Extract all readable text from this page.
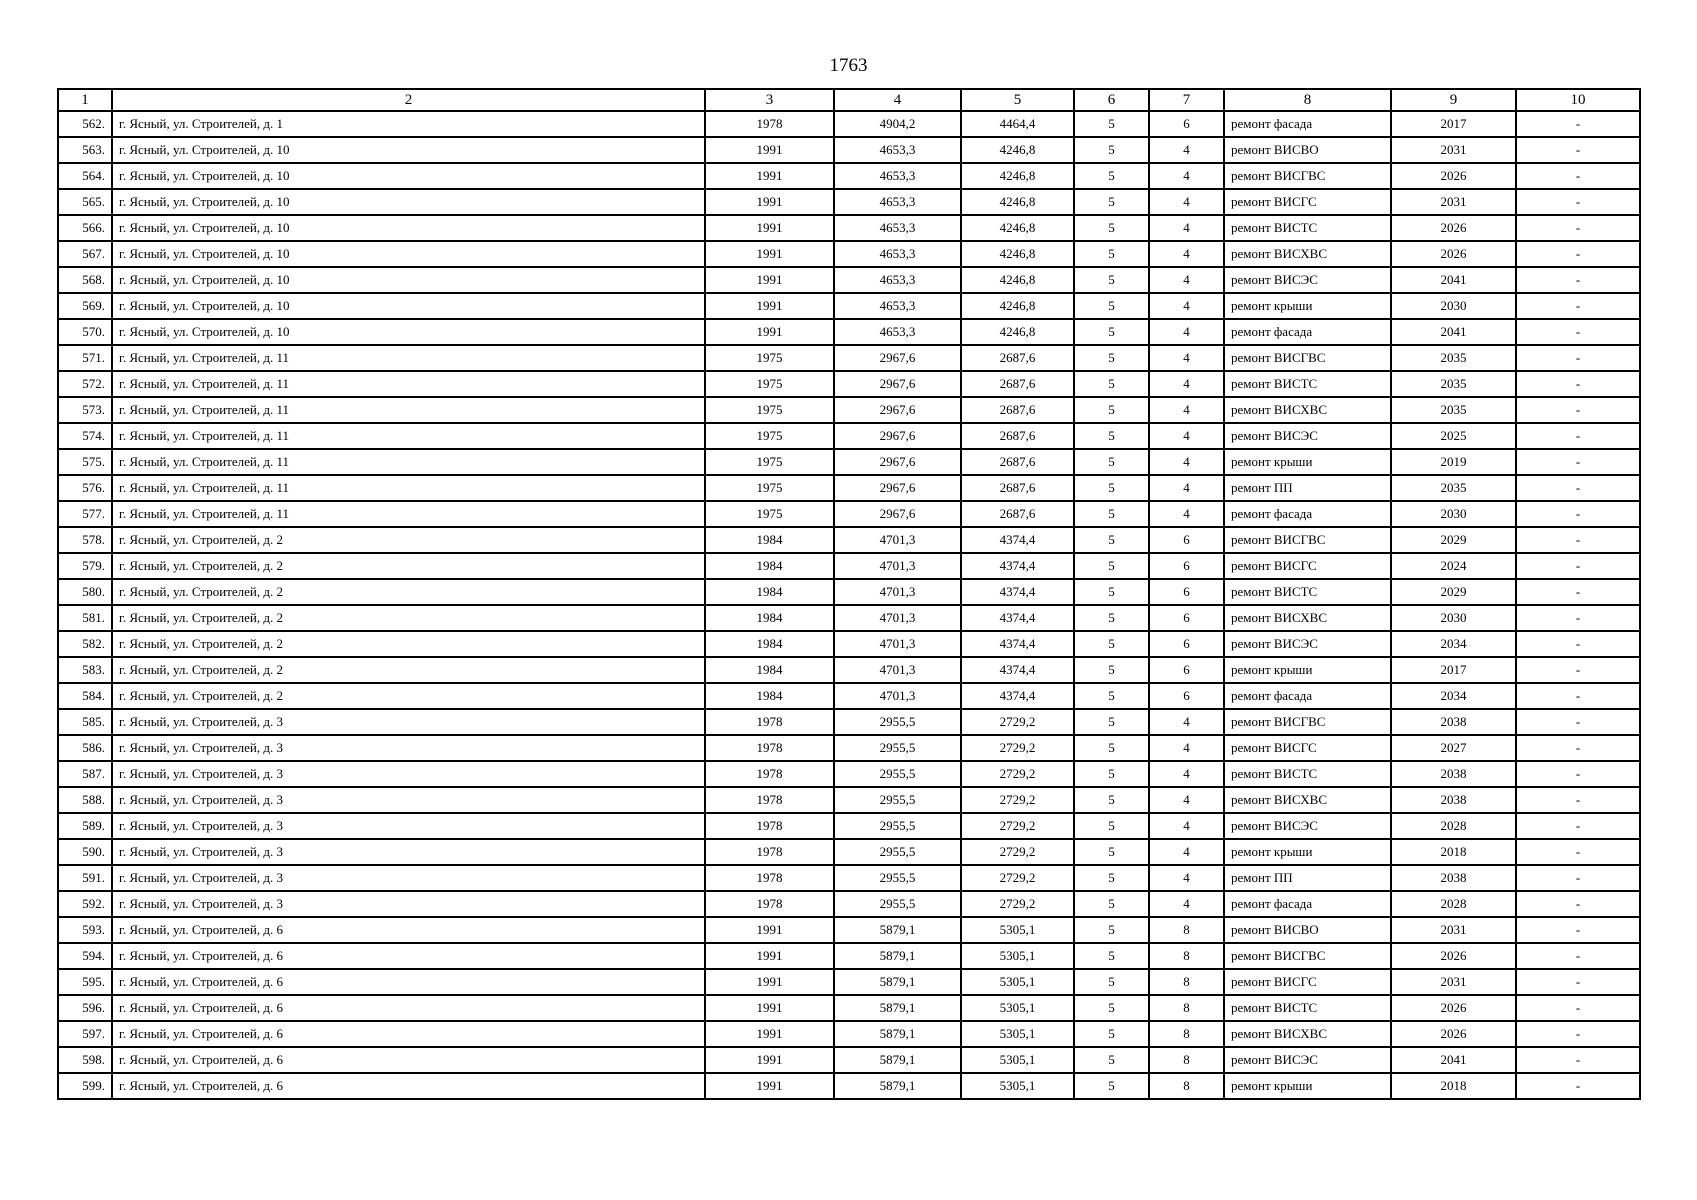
1763
1	2	3	4	5	6	7	8	9	10
562.	г. Ясный, ул. Строителей, д. 1	1978	4904,2	4464,4	5	6	ремонт фасада	2017	-
563.	г. Ясный, ул. Строителей, д. 10	1991	4653,3	4246,8	5	4	ремонт ВИСВО	2031	-
564.	г. Ясный, ул. Строителей, д. 10	1991	4653,3	4246,8	5	4	ремонт ВИСГВС	2026	-
565.	г. Ясный, ул. Строителей, д. 10	1991	4653,3	4246,8	5	4	ремонт ВИСГС	2031	-
566.	г. Ясный, ул. Строителей, д. 10	1991	4653,3	4246,8	5	4	ремонт ВИСТС	2026	-
567.	г. Ясный, ул. Строителей, д. 10	1991	4653,3	4246,8	5	4	ремонт ВИСХВС	2026	-
568.	г. Ясный, ул. Строителей, д. 10	1991	4653,3	4246,8	5	4	ремонт ВИСЭС	2041	-
569.	г. Ясный, ул. Строителей, д. 10	1991	4653,3	4246,8	5	4	ремонт крыши	2030	-
570.	г. Ясный, ул. Строителей, д. 10	1991	4653,3	4246,8	5	4	ремонт фасада	2041	-
571.	г. Ясный, ул. Строителей, д. 11	1975	2967,6	2687,6	5	4	ремонт ВИСГВС	2035	-
572.	г. Ясный, ул. Строителей, д. 11	1975	2967,6	2687,6	5	4	ремонт ВИСТС	2035	-
573.	г. Ясный, ул. Строителей, д. 11	1975	2967,6	2687,6	5	4	ремонт ВИСХВС	2035	-
574.	г. Ясный, ул. Строителей, д. 11	1975	2967,6	2687,6	5	4	ремонт ВИСЭС	2025	-
575.	г. Ясный, ул. Строителей, д. 11	1975	2967,6	2687,6	5	4	ремонт крыши	2019	-
576.	г. Ясный, ул. Строителей, д. 11	1975	2967,6	2687,6	5	4	ремонт ПП	2035	-
577.	г. Ясный, ул. Строителей, д. 11	1975	2967,6	2687,6	5	4	ремонт фасада	2030	-
578.	г. Ясный, ул. Строителей, д. 2	1984	4701,3	4374,4	5	6	ремонт ВИСГВС	2029	-
579.	г. Ясный, ул. Строителей, д. 2	1984	4701,3	4374,4	5	6	ремонт ВИСГС	2024	-
580.	г. Ясный, ул. Строителей, д. 2	1984	4701,3	4374,4	5	6	ремонт ВИСТС	2029	-
581.	г. Ясный, ул. Строителей, д. 2	1984	4701,3	4374,4	5	6	ремонт ВИСХВС	2030	-
582.	г. Ясный, ул. Строителей, д. 2	1984	4701,3	4374,4	5	6	ремонт ВИСЭС	2034	-
583.	г. Ясный, ул. Строителей, д. 2	1984	4701,3	4374,4	5	6	ремонт крыши	2017	-
584.	г. Ясный, ул. Строителей, д. 2	1984	4701,3	4374,4	5	6	ремонт фасада	2034	-
585.	г. Ясный, ул. Строителей, д. 3	1978	2955,5	2729,2	5	4	ремонт ВИСГВС	2038	-
586.	г. Ясный, ул. Строителей, д. 3	1978	2955,5	2729,2	5	4	ремонт ВИСГС	2027	-
587.	г. Ясный, ул. Строителей, д. 3	1978	2955,5	2729,2	5	4	ремонт ВИСТС	2038	-
588.	г. Ясный, ул. Строителей, д. 3	1978	2955,5	2729,2	5	4	ремонт ВИСХВС	2038	-
589.	г. Ясный, ул. Строителей, д. 3	1978	2955,5	2729,2	5	4	ремонт ВИСЭС	2028	-
590.	г. Ясный, ул. Строителей, д. 3	1978	2955,5	2729,2	5	4	ремонт крыши	2018	-
591.	г. Ясный, ул. Строителей, д. 3	1978	2955,5	2729,2	5	4	ремонт ПП	2038	-
592.	г. Ясный, ул. Строителей, д. 3	1978	2955,5	2729,2	5	4	ремонт фасада	2028	-
593.	г. Ясный, ул. Строителей, д. 6	1991	5879,1	5305,1	5	8	ремонт ВИСВО	2031	-
594.	г. Ясный, ул. Строителей, д. 6	1991	5879,1	5305,1	5	8	ремонт ВИСГВС	2026	-
595.	г. Ясный, ул. Строителей, д. 6	1991	5879,1	5305,1	5	8	ремонт ВИСГС	2031	-
596.	г. Ясный, ул. Строителей, д. 6	1991	5879,1	5305,1	5	8	ремонт ВИСТС	2026	-
597.	г. Ясный, ул. Строителей, д. 6	1991	5879,1	5305,1	5	8	ремонт ВИСХВС	2026	-
598.	г. Ясный, ул. Строителей, д. 6	1991	5879,1	5305,1	5	8	ремонт ВИСЭС	2041	-
599.	г. Ясный, ул. Строителей, д. 6	1991	5879,1	5305,1	5	8	ремонт крыши	2018	-
